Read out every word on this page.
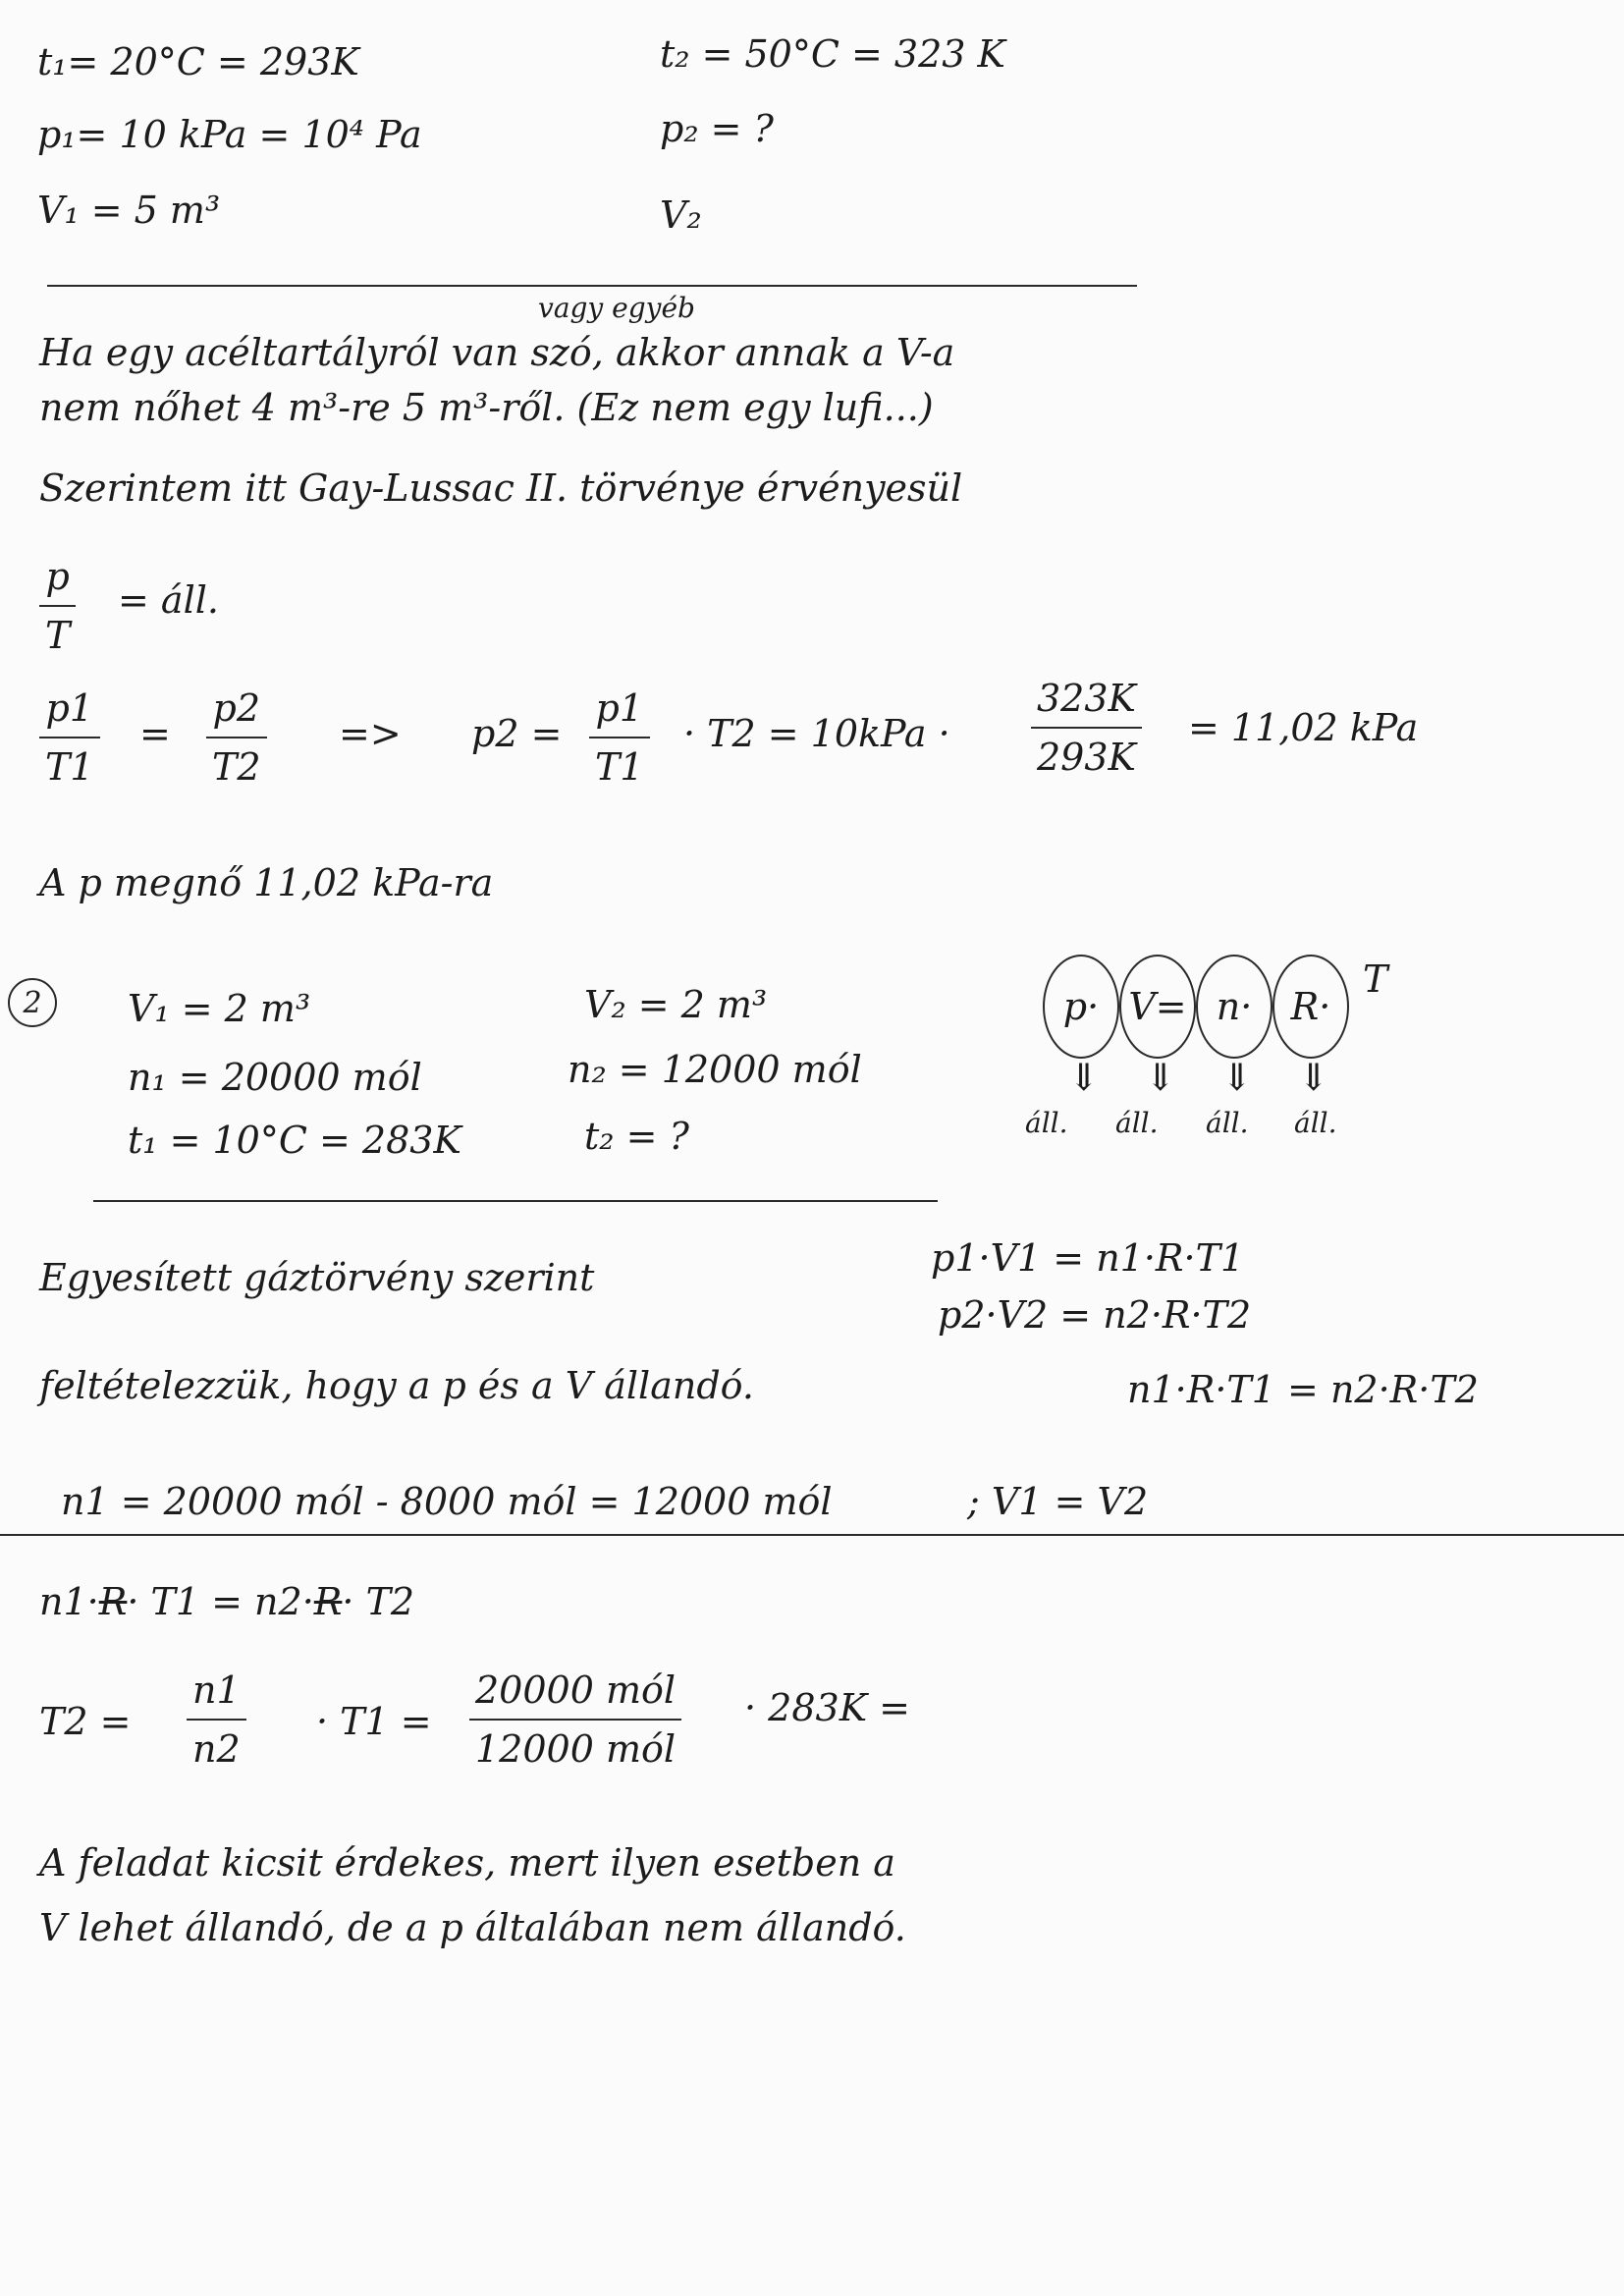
t₁= 20°C = 293K
p₁= 10 kPa = 10⁴ Pa
V₁ = 5 m³
t₂ = 50°C = 323 K
p₂ = ?
V₂
vagy egyéb
Ha egy acéltartályról van szó, akkor annak a V-a
nem nőhet 4 m³-re 5 m³-ről. (Ez nem egy lufi...)
Szerintem itt Gay-Lussac II. törvénye érvényesül
p
T
= áll.
p1
T1
=
p2
T2
=> p2 =
p1
T1
· T2 = 10kPa ·
323K
293K
= 11,02 kPa
A p megnő 11,02 kPa-ra
2	V₁ = 2 m³
n₁ = 20000 mól
t₁ = 10°C = 283K
V₂ = 2 m³
n₂ = 12000 mól
t₂ = ?
p· V= n·	R·
T
⇓ ⇓ ⇓ ⇓
áll. áll. áll. áll.
Egyesített gáztörvény szerint	p1·V1 = n1·R·T1
p2·V2 = n2·R·T2
feltételezzük, hogy a p és a V állandó.	n1·R·T1 = n2·R·T2
n1 = 20000 mól - 8000 mól = 12000 mól	; V1 = V2
n1·R· T1 = n2·R· T2
T2 =
n1
n2
· T1 =
20000 mól
12000 mól
· 283K =
A feladat kicsit érdekes, mert ilyen esetben a
V lehet állandó, de a p általában nem állandó.
